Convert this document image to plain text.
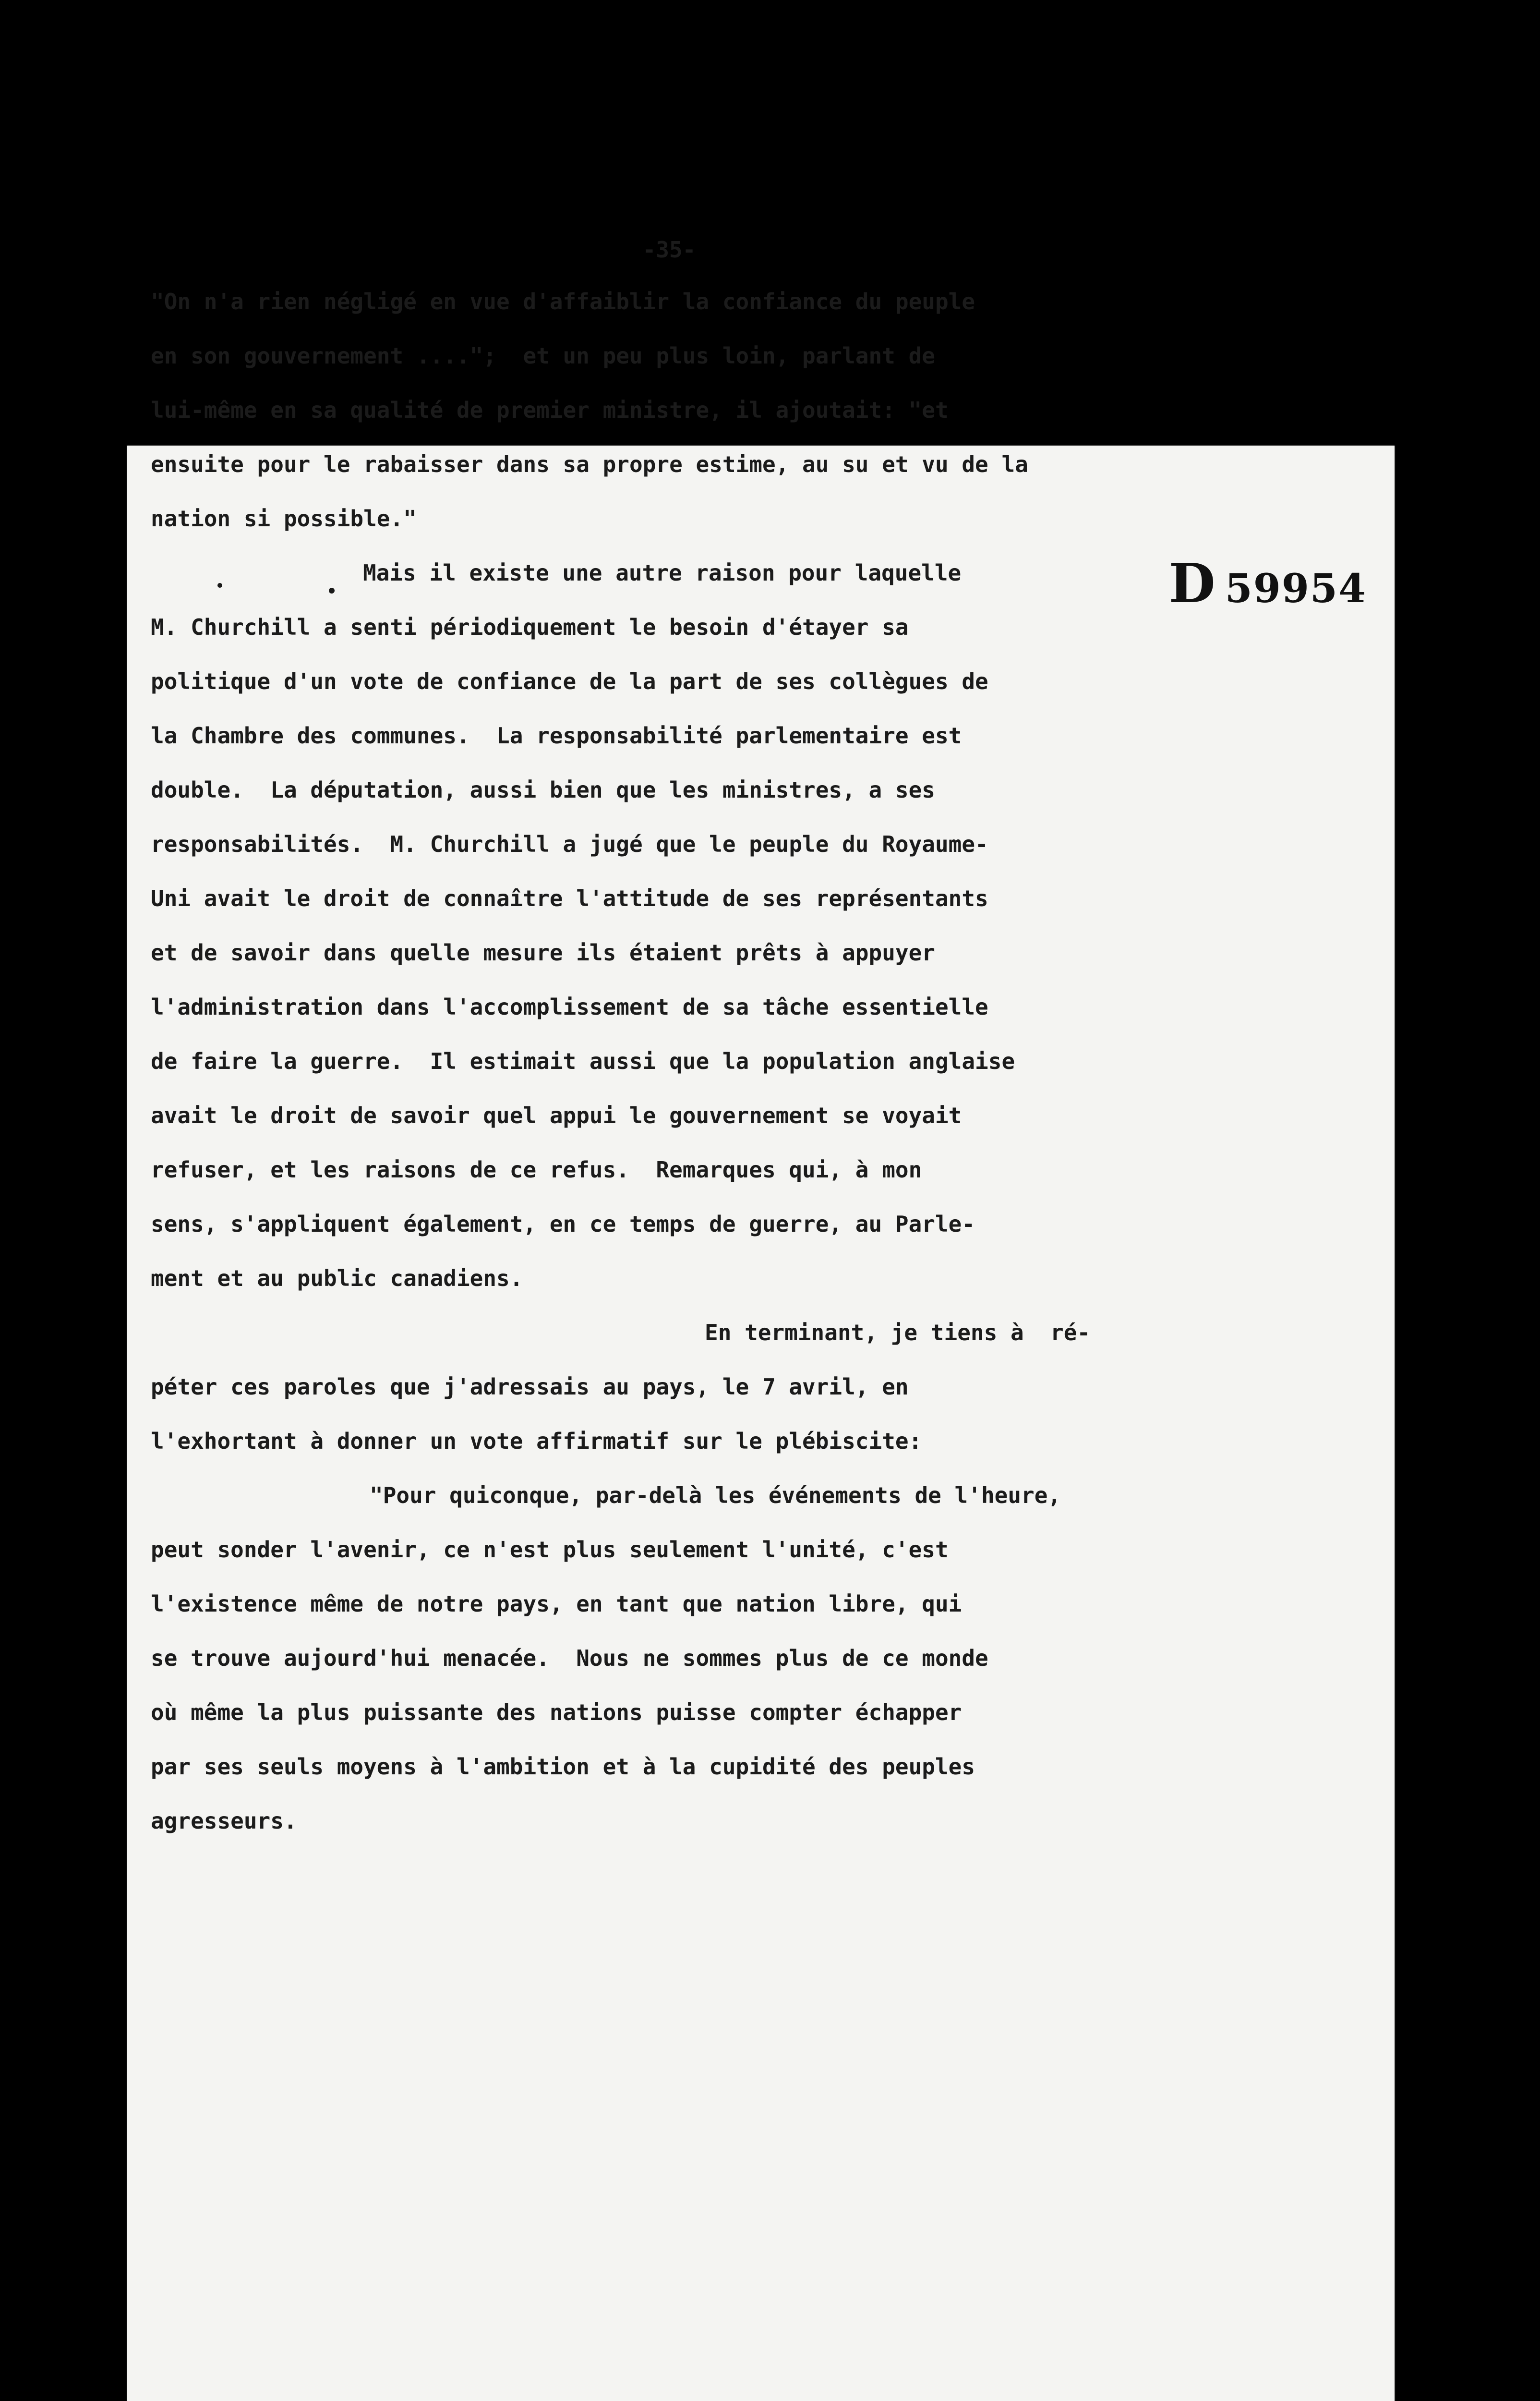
D 59954
-35-
"On n'a rien négligé en vue d'affaiblir la confiance du peuple
en son gouvernement ....";  et un peu plus loin, parlant de
lui-même en sa qualité de premier ministre, il ajoutait: "et
ensuite pour le rabaisser dans sa propre estime, au su et vu de la
nation si possible."
Mais il existe une autre raison pour laquelle
M. Churchill a senti périodiquement le besoin d'étayer sa
politique d'un vote de confiance de la part de ses collègues de
la Chambre des communes.  La responsabilité parlementaire est
double.  La députation, aussi bien que les ministres, a ses
responsabilités.  M. Churchill a jugé que le peuple du Royaume-
Uni avait le droit de connaître l'attitude de ses représentants
et de savoir dans quelle mesure ils étaient prêts à appuyer
l'administration dans l'accomplissement de sa tâche essentielle
de faire la guerre.  Il estimait aussi que la population anglaise
avait le droit de savoir quel appui le gouvernement se voyait
refuser, et les raisons de ce refus.  Remarques qui, à mon
sens, s'appliquent également, en ce temps de guerre, au Parle-
ment et au public canadiens.
En terminant, je tiens à  ré-
péter ces paroles que j'adressais au pays, le 7 avril, en
l'exhortant à donner un vote affirmatif sur le plébiscite:
"Pour quiconque, par-delà les événements de l'heure,
peut sonder l'avenir, ce n'est plus seulement l'unité, c'est
l'existence même de notre pays, en tant que nation libre, qui
se trouve aujourd'hui menacée.  Nous ne sommes plus de ce monde
où même la plus puissante des nations puisse compter échapper
par ses seuls moyens à l'ambition et à la cupidité des peuples
agresseurs.
